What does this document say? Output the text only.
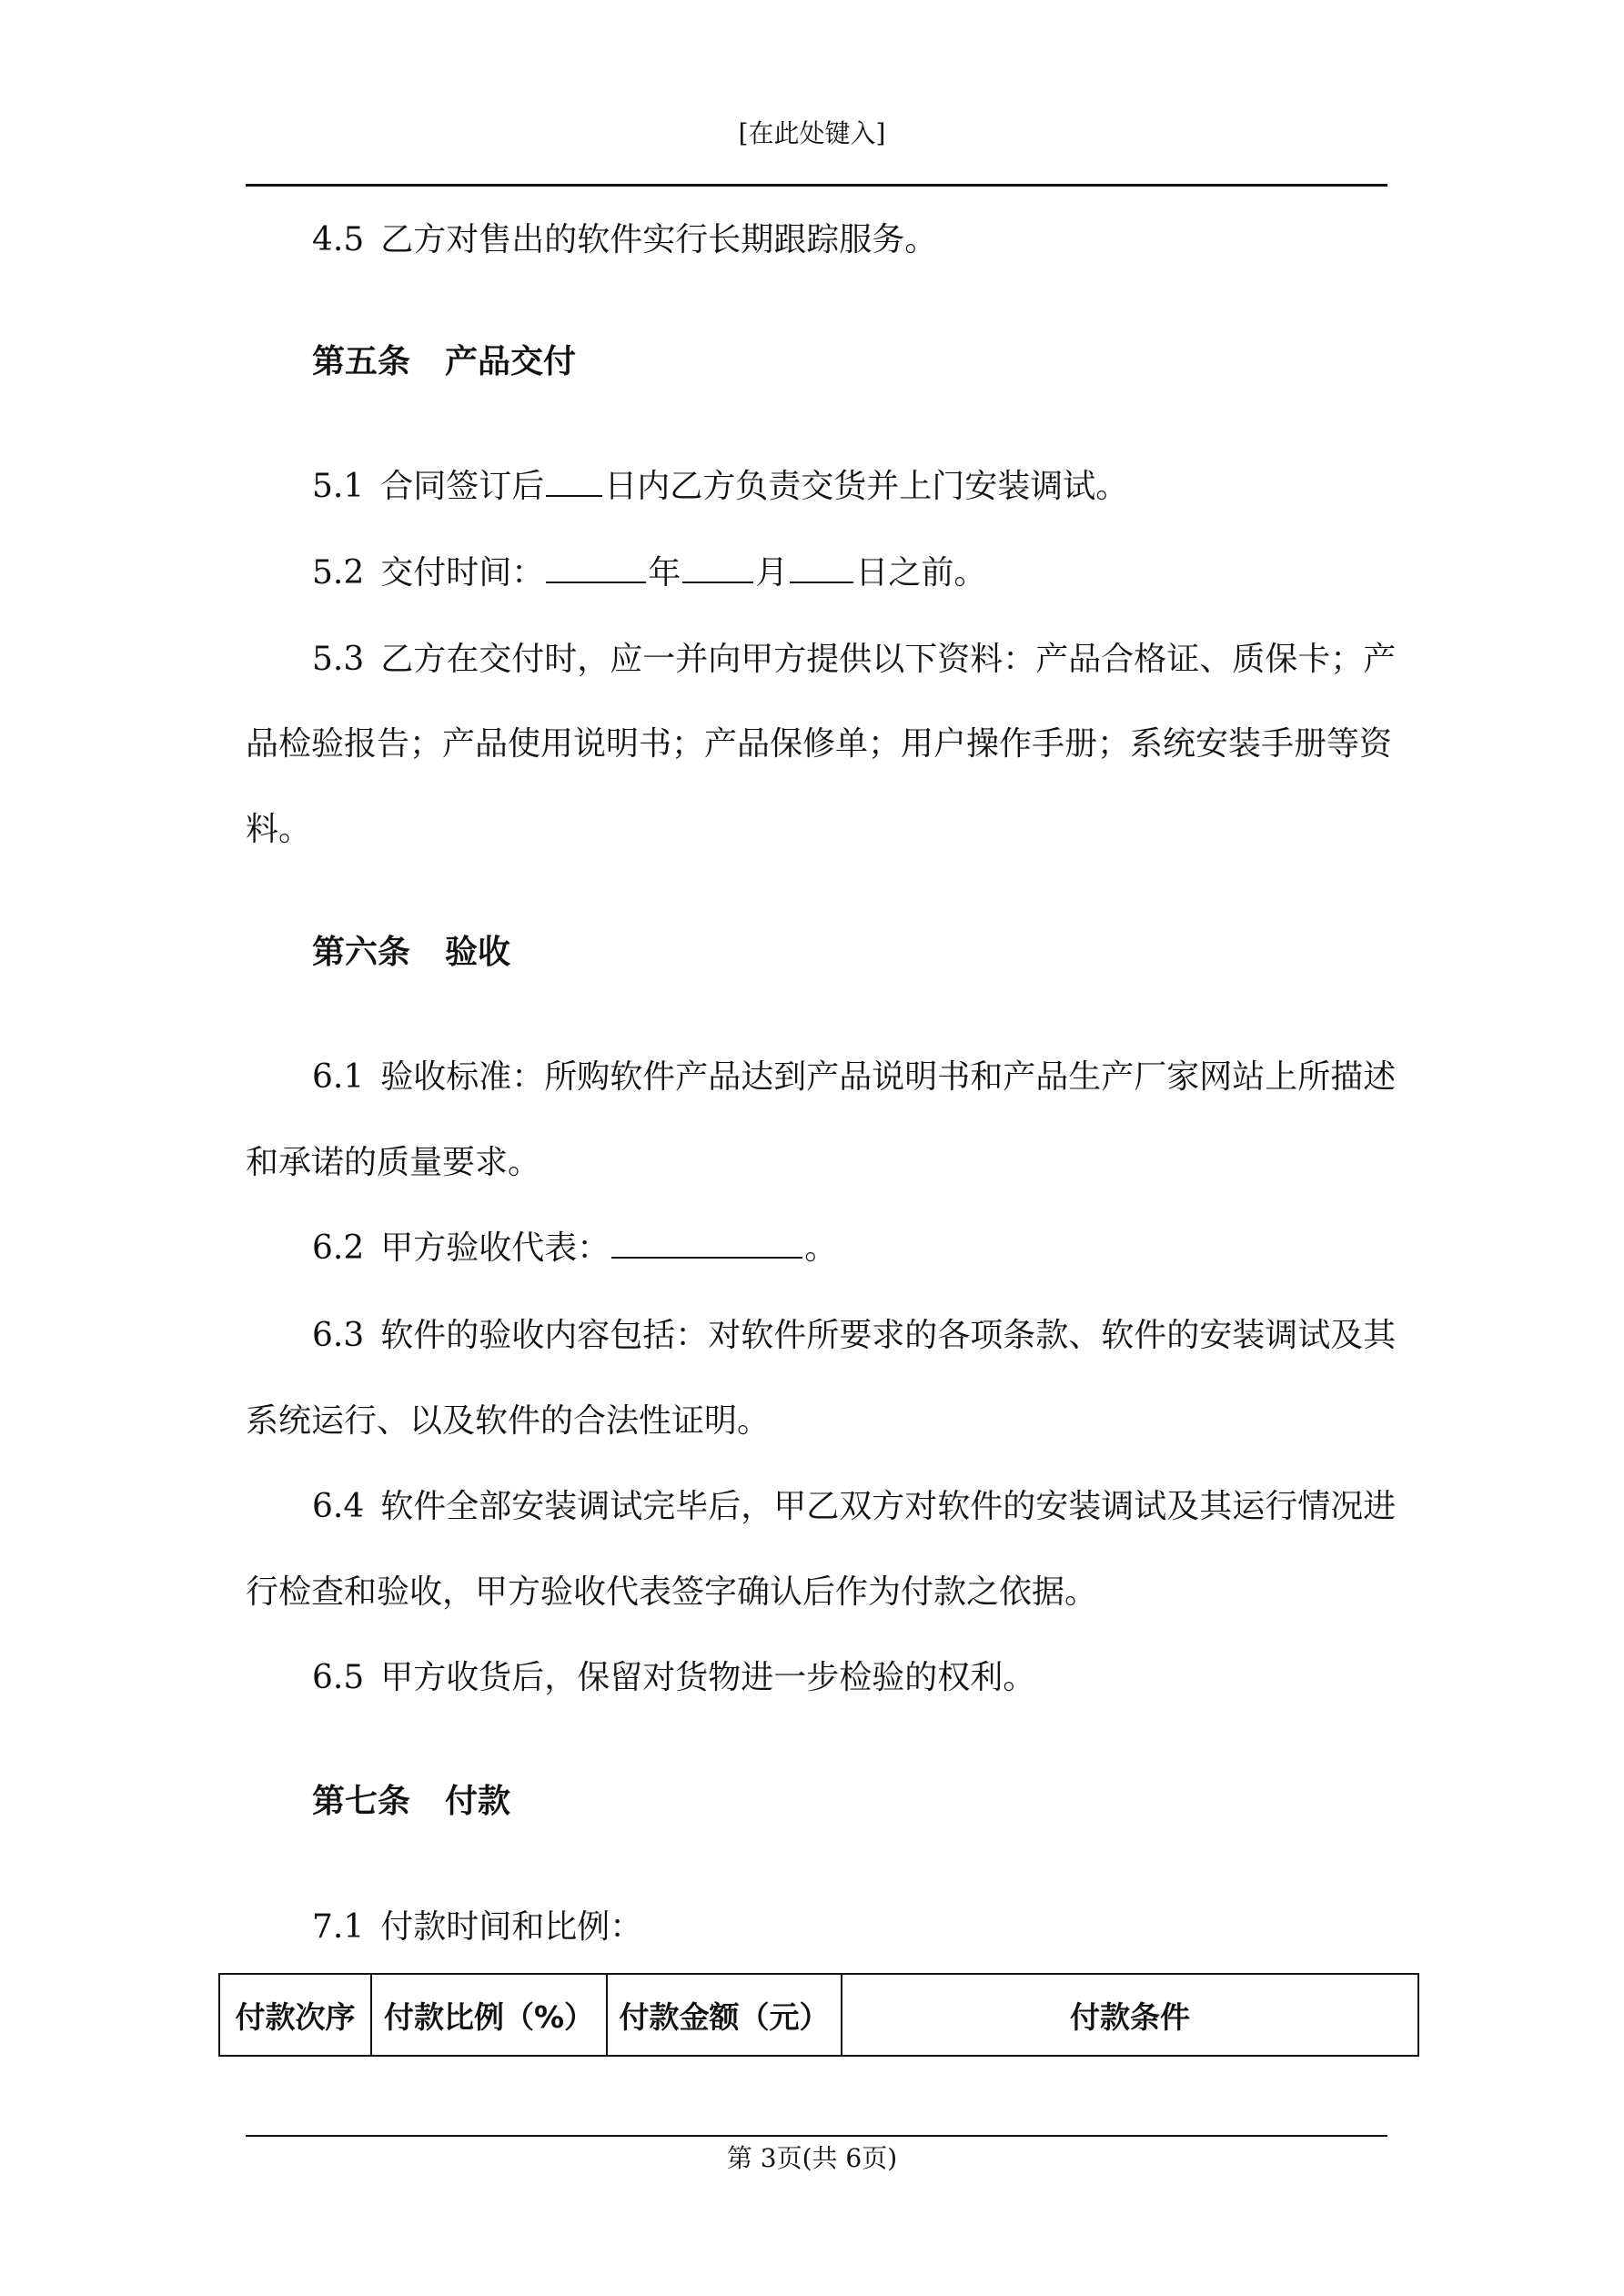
[在此处键入]
4.5 乙方对售出的软件实行长期跟踪服务。
第五条 产品交付
5.1 合同签订后 日内乙方负责交货并上门安装调试。
5.2 交付时间：	年 月 日之前。
5.3 乙方在交付时，应一并向甲方提供以下资料：产品合格证、质保卡；产
品检验报告；产品使用说明书；产品保修单；用户操作手册；系统安装手册等资
料。
第六条 验收
6.1 验收标准：所购软件产品达到产品说明书和产品生产厂家网站上所描述
和承诺的质量要求。
6.2 甲方验收代表：	。
6.3 软件的验收内容包括：对软件所要求的各项条款、软件的安装调试及其
系统运行、以及软件的合法性证明。
6.4 软件全部安装调试完毕后，甲乙双方对软件的安装调试及其运行情况进
行检查和验收，甲方验收代表签字确认后作为付款之依据。
6.5 甲方收货后，保留对货物进一步检验的权利。
第七条 付款
7.1 付款时间和比例：
付款次序	付款比例（%）	付款金额（元）	付款条件
第 3页(共 6页)
